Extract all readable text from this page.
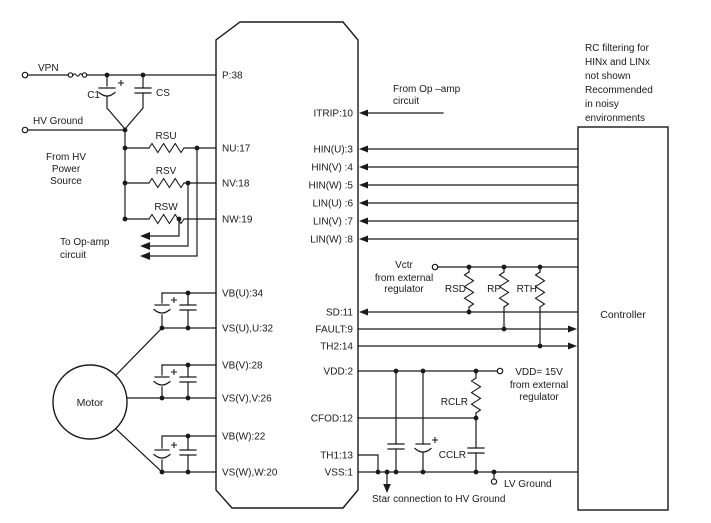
VPN
C1	CS
HV Ground
RSU
RSV
RSW
From HV
Power
Source
To Op-amp
circuit
Motor
P:38
NU:17
NV:18
NW:19
VB(U):34
VS(U),U:32
VB(V):28
VS(V),V:26
VB(W):22
VS(W),W:20
ITRIP:10
HIN(U):3
HIN(V) :4
HIN(W) :5
LIN(U) :6
LIN(V) :7
LIN(W) :8
SD:11
FAULT:9
TH2:14
VDD:2
CFOD:12
TH1:13
VSS:1
Controller
Vctr
from external
regulator RSD RP RTH
VDD= 15V
from external
regulator
RCLR
CCLR
Star connection to HV Ground
LV Ground
RC filtering for
HINx and LINx
not shown
Recommended
in noisy
environments
From Op –amp
circuit
